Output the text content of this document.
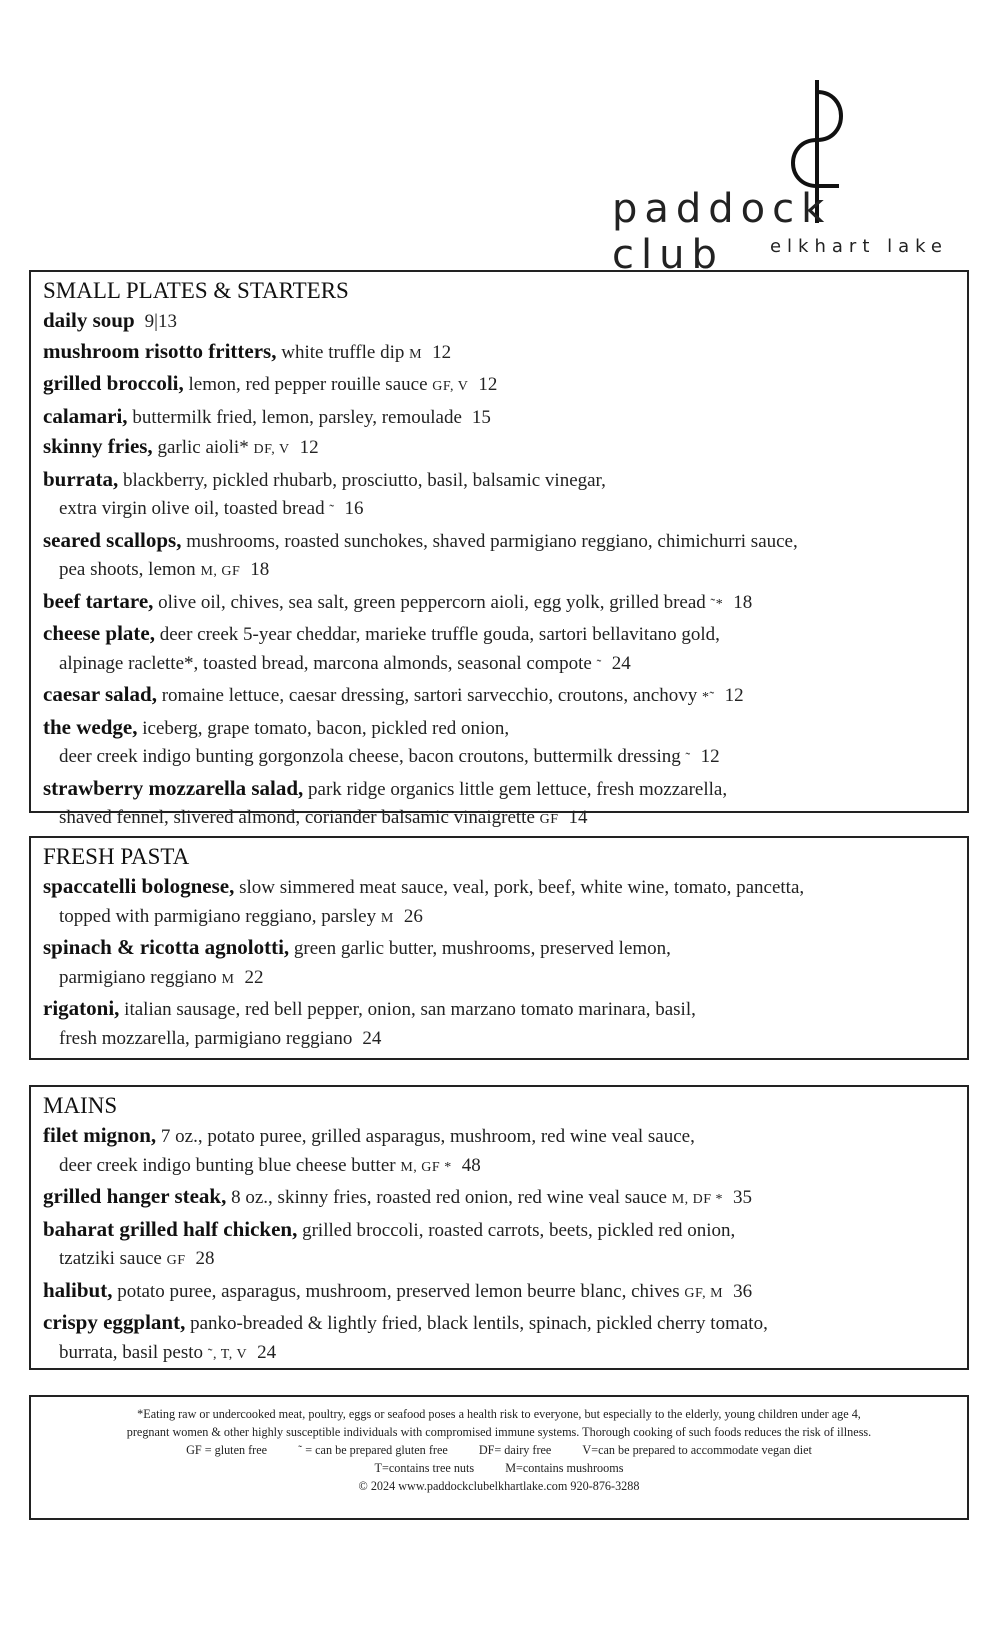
paddock club	elkhart lake
SMALL PLATES & STARTERS

daily soup 9|13

mushroom risotto fritters, white truffle dip M 12

grilled broccoli, lemon, red pepper rouille sauce GF, V 12

calamari, buttermilk fried, lemon, parsley, remoulade 15

skinny fries, garlic aioli* DF, V 12

burrata, blackberry, pickled rhubarb, prosciutto, basil, balsamic vinegar,
extra virgin olive oil, toasted bread ˜ 16

seared scallops, mushrooms, roasted sunchokes, shaved parmigiano reggiano, chimichurri sauce,
pea shoots, lemon M, GF 18

beef tartare, olive oil, chives, sea salt, green peppercorn aioli, egg yolk, grilled bread ˜* 18

cheese plate, deer creek 5-year cheddar, marieke truffle gouda, sartori bellavitano gold,
alpinage raclette*, toasted bread, marcona almonds, seasonal compote ˜ 24

caesar salad, romaine lettuce, caesar dressing, sartori sarvecchio, croutons, anchovy *˜ 12

the wedge, iceberg, grape tomato, bacon, pickled red onion,
deer creek indigo bunting gorgonzola cheese, bacon croutons, buttermilk dressing ˜ 12

strawberry mozzarella salad, park ridge organics little gem lettuce, fresh mozzarella,
shaved fennel, slivered almond, coriander balsamic vinaigrette GF 14

FRESH PASTA

spaccatelli bolognese, slow simmered meat sauce, veal, pork, beef, white wine, tomato, pancetta,
topped with parmigiano reggiano, parsley M 26

spinach & ricotta agnolotti, green garlic butter, mushrooms, preserved lemon,
parmigiano reggiano M 22

rigatoni, italian sausage, red bell pepper, onion, san marzano tomato marinara, basil,
fresh mozzarella, parmigiano reggiano 24

MAINS

filet mignon, 7 oz., potato puree, grilled asparagus, mushroom, red wine veal sauce,
deer creek indigo bunting blue cheese butter M, GF * 48

grilled hanger steak, 8 oz., skinny fries, roasted red onion, red wine veal sauce M, DF * 35

baharat grilled half chicken, grilled broccoli, roasted carrots, beets, pickled red onion,
tzatziki sauce GF 28

halibut, potato puree, asparagus, mushroom, preserved lemon beurre blanc, chives GF, M 36

crispy eggplant, panko-breaded & lightly fried, black lentils, spinach, pickled cherry tomato,
burrata, basil pesto ˜, T, V 24

*Eating raw or undercooked meat, poultry, eggs or seafood poses a health risk to everyone, but especially to the elderly, young children under age 4,

pregnant women & other highly susceptible individuals with compromised immune systems. Thorough cooking of such foods reduces the risk of illness.

GF = gluten free	˜ = can be prepared gluten free	DF= dairy free	V=can be prepared to accommodate vegan diet

T=contains tree nuts	M=contains mushrooms

© 2024 www.paddockclubelkhartlake.com 920-876-3288
